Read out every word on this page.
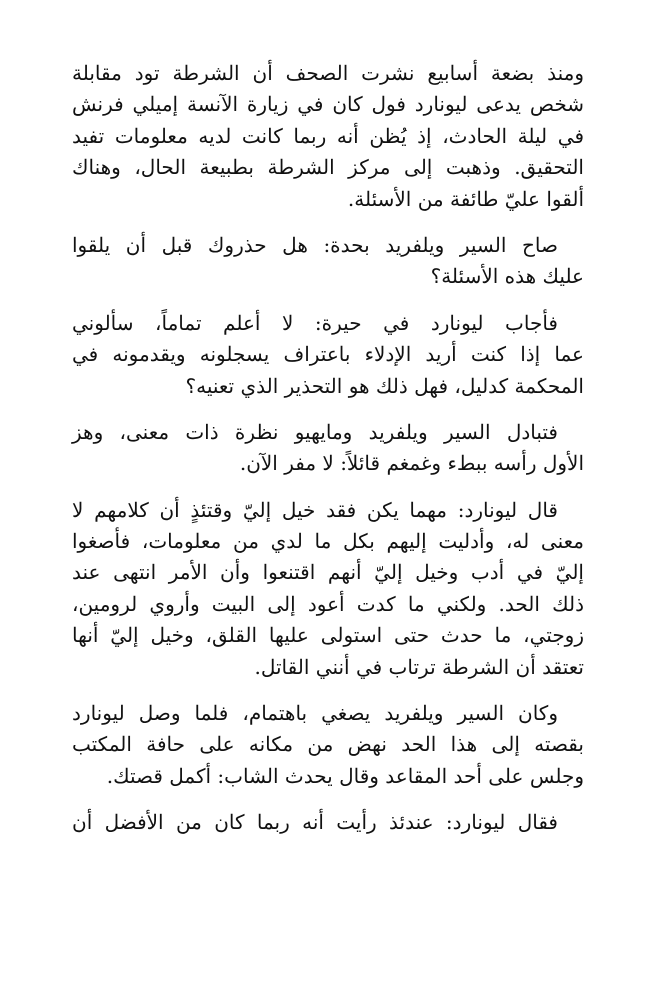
ومنذ بضعة أسابيع نشرت الصحف أن الشرطة تود مقابلة
شخص يدعى ليونارد فول كان في زيارة الآنسة إميلي فرنش
في ليلة الحادث، إذ يُظن أنه ربما كانت لديه معلومات تفيد
التحقيق. وذهبت إلى مركز الشرطة بطبيعة الحال، وهناك
ألقوا عليّ طائفة من الأسئلة.

صاح السير ويلفريد بحدة: هل حذروك قبل أن يلقوا
عليك هذه الأسئلة؟

فأجاب ليونارد في حيرة: لا أعلم تماماً، سألوني
عما إذا كنت أريد الإدلاء باعتراف يسجلونه ويقدمونه في
المحكمة كدليل، فهل ذلك هو التحذير الذي تعنيه؟

فتبادل السير ويلفريد ومايهيو نظرة ذات معنى، وهز
الأول رأسه ببطء وغمغم قائلاً: لا مفر الآن.

قال ليونارد: مهما يكن فقد خيل إليّ وقتئذٍ أن كلامهم لا
معنى له، وأدليت إليهم بكل ما لدي من معلومات، فأصغوا
إليّ في أدب وخيل إليّ أنهم اقتنعوا وأن الأمر انتهى عند
ذلك الحد. ولكني ما كدت أعود إلى البيت وأروي لرومين،
زوجتي، ما حدث حتى استولى عليها القلق، وخيل إليّ أنها
تعتقد أن الشرطة ترتاب في أنني القاتل.

وكان السير ويلفريد يصغي باهتمام، فلما وصل ليونارد
بقصته إلى هذا الحد نهض من مكانه على حافة المكتب
وجلس على أحد المقاعد وقال يحدث الشاب: أكمل قصتك.

فقال ليونارد: عندئذ رأيت أنه ربما كان من الأفضل أن
